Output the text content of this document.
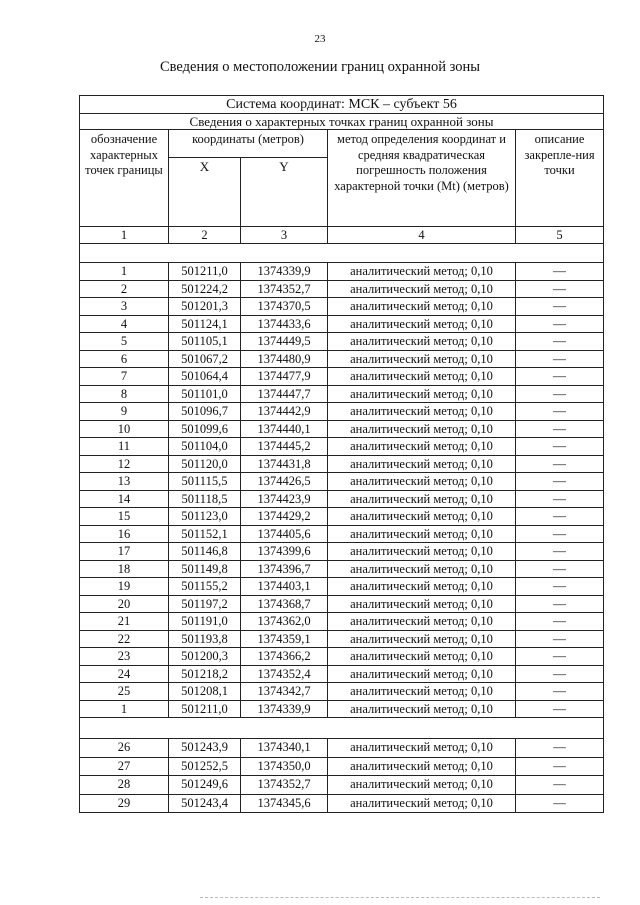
23
Сведения о местоположении границ охранной зоны
Система координат: МСК – субъект 56				
Сведения о характерных точках границ охранной зоны				

обозначение характерных точек границы	координаты (метров)		метод определения координат и средняя квадратическая погрешность положения характерной точки (Mt) (метров)	описание закрепле-ния точки

	X	Y		
1	2	3	4	5

1	501211,0	1374339,9	аналитический метод; 0,10	—
2	501224,2	1374352,7	аналитический метод; 0,10	—
3	501201,3	1374370,5	аналитический метод; 0,10	—
4	501124,1	1374433,6	аналитический метод; 0,10	—
5	501105,1	1374449,5	аналитический метод; 0,10	—
6	501067,2	1374480,9	аналитический метод; 0,10	—
7	501064,4	1374477,9	аналитический метод; 0,10	—
8	501101,0	1374447,7	аналитический метод; 0,10	—
9	501096,7	1374442,9	аналитический метод; 0,10	—
10	501099,6	1374440,1	аналитический метод; 0,10	—
11	501104,0	1374445,2	аналитический метод; 0,10	—
12	501120,0	1374431,8	аналитический метод; 0,10	—
13	501115,5	1374426,5	аналитический метод; 0,10	—
14	501118,5	1374423,9	аналитический метод; 0,10	—
15	501123,0	1374429,2	аналитический метод; 0,10	—
16	501152,1	1374405,6	аналитический метод; 0,10	—
17	501146,8	1374399,6	аналитический метод; 0,10	—
18	501149,8	1374396,7	аналитический метод; 0,10	—
19	501155,2	1374403,1	аналитический метод; 0,10	—
20	501197,2	1374368,7	аналитический метод; 0,10	—
21	501191,0	1374362,0	аналитический метод; 0,10	—
22	501193,8	1374359,1	аналитический метод; 0,10	—
23	501200,3	1374366,2	аналитический метод; 0,10	—
24	501218,2	1374352,4	аналитический метод; 0,10	—
25	501208,1	1374342,7	аналитический метод; 0,10	—
1	501211,0	1374339,9	аналитический метод; 0,10	—

26	501243,9	1374340,1	аналитический метод; 0,10	—
27	501252,5	1374350,0	аналитический метод; 0,10	—
28	501249,6	1374352,7	аналитический метод; 0,10	—
29	501243,4	1374345,6	аналитический метод; 0,10	—
